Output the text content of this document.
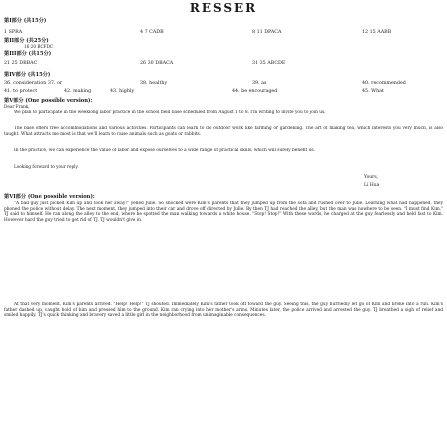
RESSER
第I部分 (共15分)
1 SPRA	4 7 CADB	8 11 DPACA	12 15 AABB
第II部分 (共25分)
16 20 BCFDC
第III部分 (共15分)
21 25 DBBAC	26 30 DBACA	31 35 ABCDE
第IV部分 (共15分)
36. consideration 37. or	38. healthy	39. as	40. recommended
41. to protect	42. making	43. highly	44. be encouraged	45. What
第V部分 (One possible version):
Dear Frank,
We plan to participate in the weeklong labor practice in the school field base scheduled from August 1 to 8. I'm writing to invite you to join us.
The base offers free accommodations and various activities. Participants can learn to do outdoor work like farming or gardening. The art of making tea, which interests you very much, is also taught. What attracts me most is that we'll learn to raise animals such as goats or rabbits.
In the practice, we can experience the value of labor and expose ourselves to a wide range of practical skills, which will surely benefit us.
Looking forward to your reply.
Yours,
Li Hua
第VI部分 (One possible version):
"A bad guy just picked Kim up and took her away!" yelled Julie. So shocked were Kim's parents that they jumped up from the sofa and rushed over to Julie. Learning what had happened, they phoned the police without delay. The next moment, they jumped into their car and drove off directed by Julie. By then TJ had reached the alley, but the man was nowhere to be seen. "I must find Kim," TJ said to himself. He ran along the alley to the end, where he spotted the man walking towards a white house. "Stop! Stop!" With these words, he charged at the guy fearlessly and held fast to Kim. However hard the guy tried to get rid of TJ, TJ wouldn't give in.
At that very moment, Kim's parents arrived. "Help! Help!" TJ shouted. Immediately Kim's father took off toward the guy. Seeing this, the guy hurriedly let go of Kim and broke into a run. Kim's father dashed up, caught hold of him and pressed him to the ground. Kim ran crying into her mother's arms. Minutes later, the police arrived and arrested the guy. TJ breathed a sigh of relief and smiled happily. TJ's quick thinking and bravery saved a little girl in the neighborhood from unimaginable consequences.
